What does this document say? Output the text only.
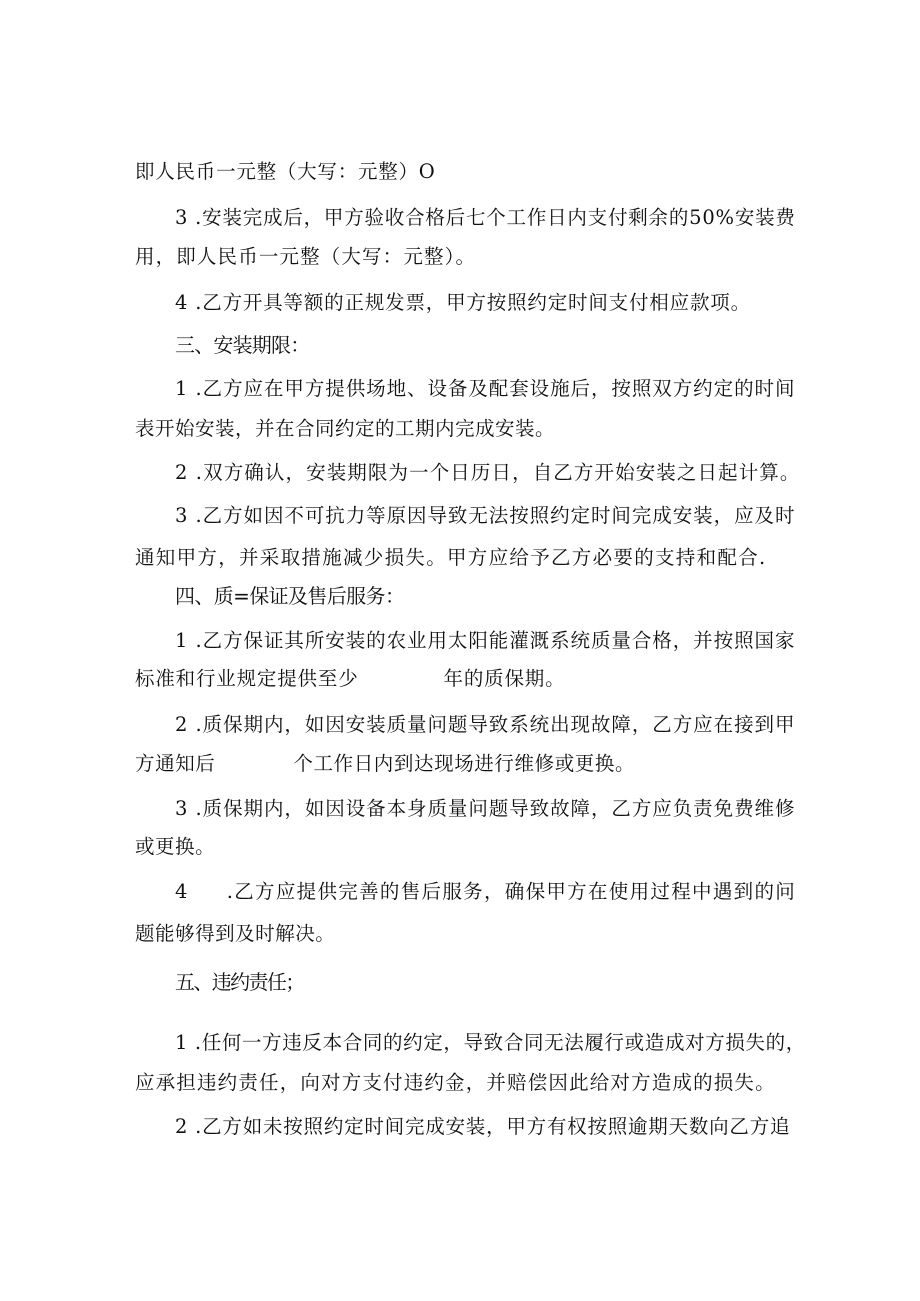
即人民币一元整（大写：元整）O

3 .安装完成后，甲方验收合格后七个工作日内支付剩余的50%安装费

用，即人民币一元整（大写：元整）。

4 .乙方开具等额的正规发票，甲方按照约定时间支付相应款项。

三、安装期限：

1 .乙方应在甲方提供场地、设备及配套设施后，按照双方约定的时间

表开始安装，并在合同约定的工期内完成安装。

2 .双方确认，安装期限为一个日历日，自乙方开始安装之日起计算。

3 .乙方如因不可抗力等原因导致无法按照约定时间完成安装，应及时

通知甲方，并采取措施减少损失。甲方应给予乙方必要的支持和配合.

四、质=保证及售后服务：

1 .乙方保证其所安装的农业用太阳能灌溉系统质量合格，并按照国家

标准和行业规定提供至少	年的质保期。

2 .质保期内，如因安装质量问题导致系统出现故障，乙方应在接到甲

方通知后	个工作日内到达现场进行维修或更换。

3 .质保期内，如因设备本身质量问题导致故障，乙方应负责免费维修

或更换。

4 .乙方应提供完善的售后服务，确保甲方在使用过程中遇到的问

题能够得到及时解决。

五、违约责任；

1 .任何一方违反本合同的约定，导致合同无法履行或造成对方损失的，

应承担违约责任，向对方支付违约金，并赔偿因此给对方造成的损失。

2 .乙方如未按照约定时间完成安装，甲方有权按照逾期天数向乙方追
